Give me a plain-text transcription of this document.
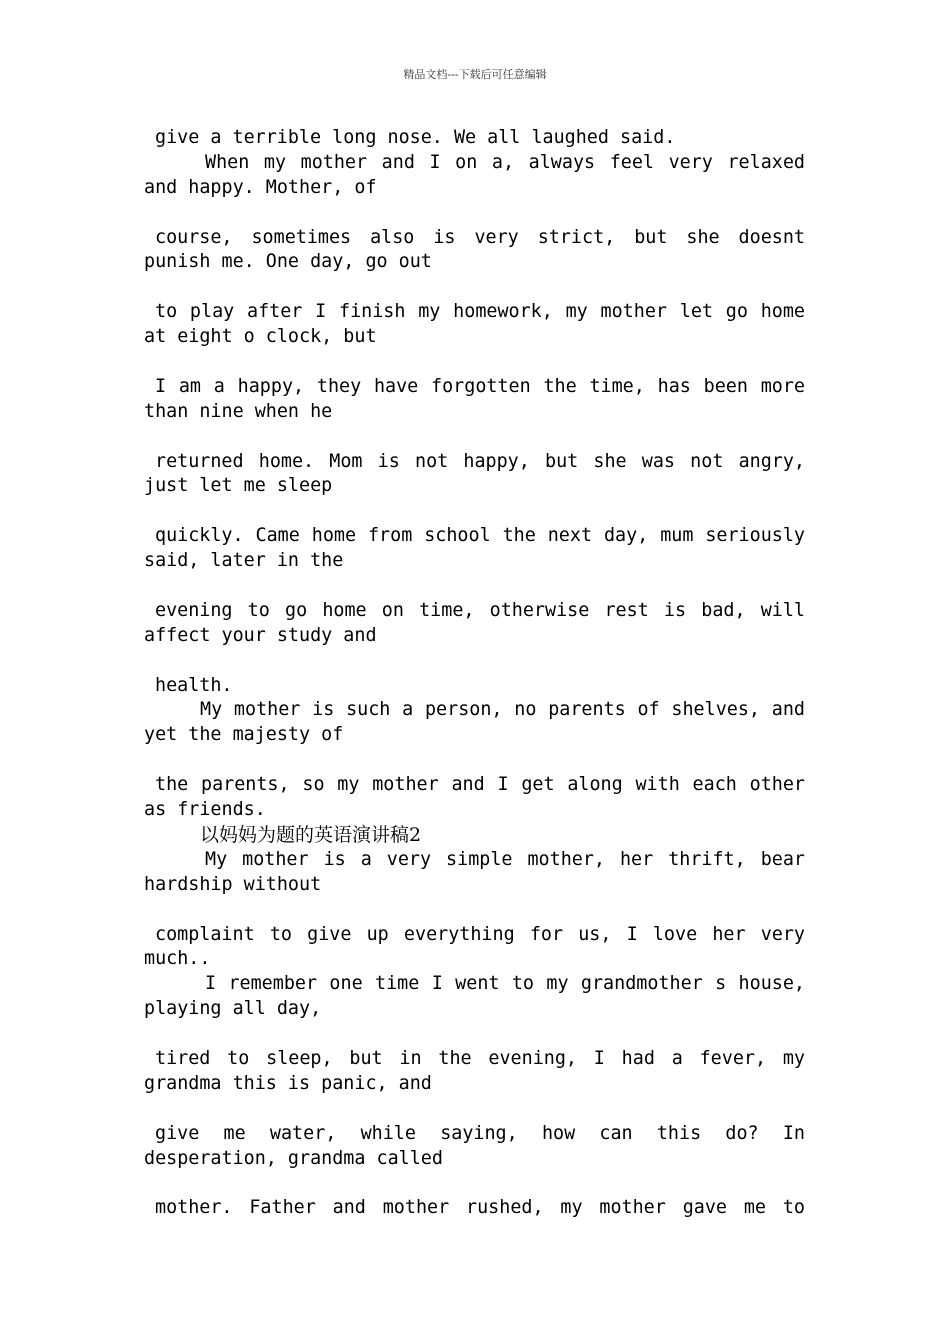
精品文档---下载后可任意编辑
give a terrible long nose. We all laughed said.
When my mother and I on a, always feel very relaxed
and happy. Mother, of
course, sometimes also is very strict, but she doesnt
punish me. One day, go out
to play after I finish my homework, my mother let go home
at eight o clock, but
I am a happy, they have forgotten the time, has been more
than nine when he
returned home. Mom is not happy, but she was not angry,
just let me sleep
quickly. Came home from school the next day, mum seriously
said, later in the
evening to go home on time, otherwise rest is bad, will
affect your study and
health.
My mother is such a person, no parents of shelves, and
yet the majesty of
the parents, so my mother and I get along with each other
as friends.
以妈妈为题的英语演讲稿2
My mother is a very simple mother, her thrift, bear
hardship without
complaint to give up everything for us, I love her very
much..
I remember one time I went to my grandmother s house,
playing all day,
tired to sleep, but in the evening, I had a fever, my
grandma this is panic, and
give me water, while saying, how can this do? In
desperation, grandma called
mother. Father and mother rushed, my mother gave me to
